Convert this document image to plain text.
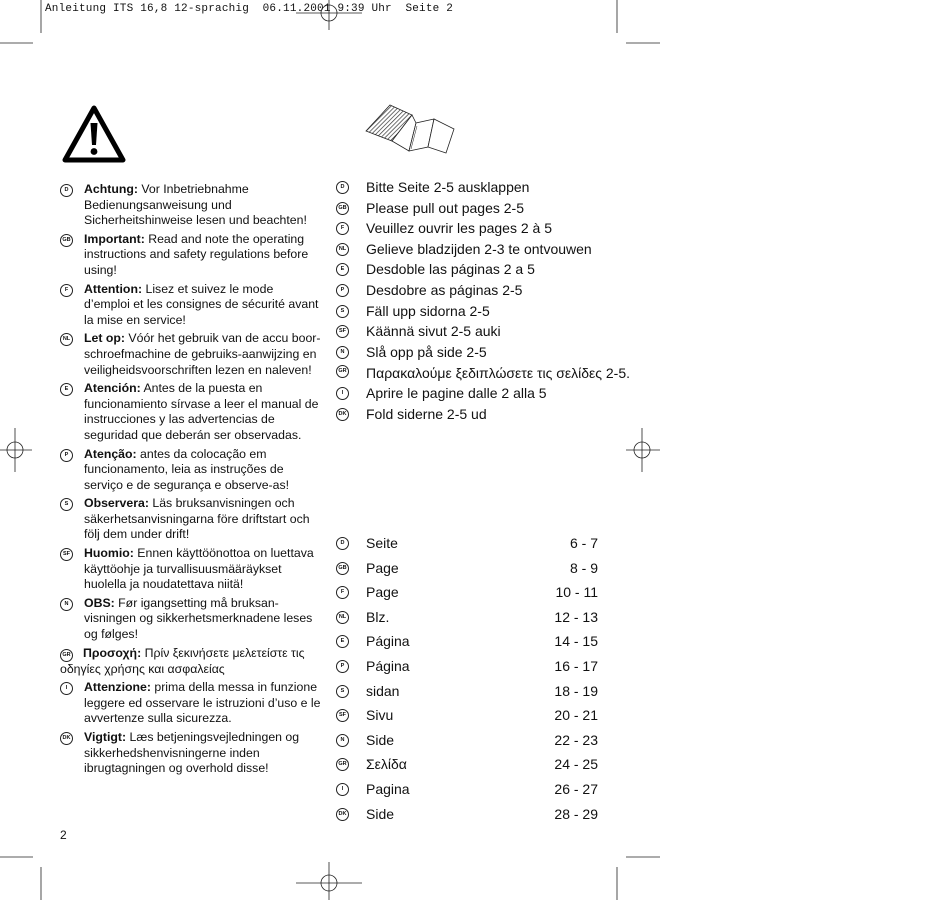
Anleitung ITS 16,8 12-sprachig  06.11.2001 9:39 Uhr  Seite 2
D	Achtung: Vor Inbetriebnahme Bedienungsanweisung und Sicherheitshinweise lesen und beachten!
GB Important: Read and note the operating instructions and safety regulations before using!
F	Attention: Lisez et suivez le mode d’emploi et les consignes de sécurité avant la mise en service!
NL Let op: Vóór het gebruik van de accu boor-schroefmachine de gebruiks-aanwijzing en veiligheidsvoorschriften lezen en naleven!
E	Atención: Antes de la puesta en funcionamiento sírvase a leer el manual de instrucciones y las advertencias de seguridad que deberán ser observadas.
P	Atenção: antes da colocação em funcionamento, leia as instruções de serviço e de segurança e observe-as!
S	Observera: Läs bruksanvisningen och säkerhetsanvisningarna före driftstart och följ dem under drift!
SF Huomio: Ennen käyttöönottoa on luettava käyttöohje ja turvallisuusmääräykset huolella ja noudatettava niitä!
N	OBS: Før igangsetting må bruksan-visningen og sikkerhetsmerknadene leses og følges!
GR Προσοχή: Πρίν ξεκινήσετε μελετείστε τις οδηγίες χρήσης και ασφαλείας
I	Attenzione: prima della messa in funzione leggere ed osservare le istruzioni d’uso e le avvertenze sulla sicurezza.
DK Vigtigt: Læs betjeningsvejledningen og sikkerhedshenvisningerne inden ibrugtagningen og overhold disse!
D	Bitte Seite 2-5 ausklappen
GB Please pull out pages 2-5
F	Veuillez ouvrir les pages 2 à 5
NL Gelieve bladzijden 2-3 te ontvouwen
E	Desdoble las páginas 2 a 5
P	Desdobre as páginas 2-5
S	Fäll upp sidorna 2-5
SF Käännä sivut 2-5 auki
N	Slå opp på side 2-5
GR Παρακαλούμε ξεδιπλώσετε τις σελίδες 2-5.
I	Aprire le pagine dalle 2 alla 5
DK Fold siderne 2-5 ud
D	Seite	6 - 7
GB Page	8 - 9
F	Page	10 - 11
NL Blz.	12 - 13
E	Página	14 - 15
P	Página	16 - 17
S	sidan	18 - 19
SF Sivu	20 - 21
N	Side	22 - 23
GR Σελίδα	24 - 25
I	Pagina	26 - 27
DK Side	28 - 29
2
